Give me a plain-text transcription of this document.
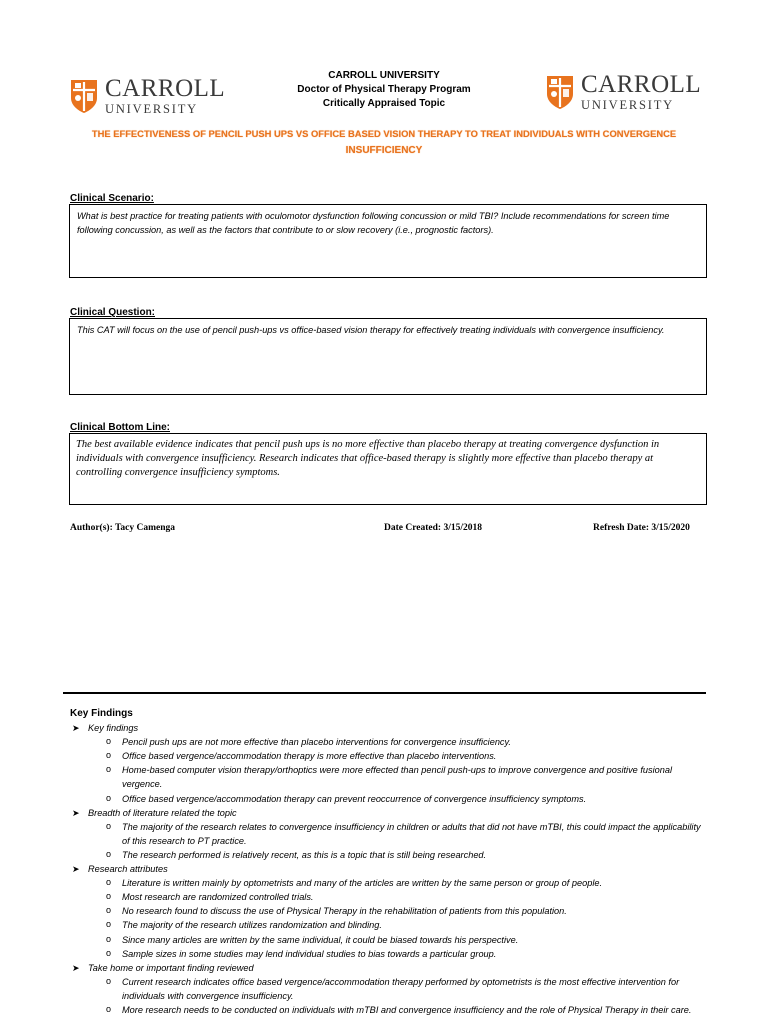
CARROLL
UNIVERSITY
CARROLL UNIVERSITY
Doctor of Physical Therapy Program
Critically Appraised Topic
CARROLL
UNIVERSITY
THE EFFECTIVENESS OF PENCIL PUSH UPS VS OFFICE BASED VISION THERAPY TO TREAT INDIVIDUALS WITH CONVERGENCE
INSUFFICIENCY
Clinical Scenario:
What is best practice for treating patients with oculomotor dysfunction following concussion or mild TBI? Include recommendations for screen time following concussion, as well as the factors that contribute to or slow recovery (i.e., prognostic factors).
Clinical Question:
This CAT will focus on the use of pencil push-ups vs office-based vision therapy for effectively treating individuals with convergence insufficiency.
Clinical Bottom Line:
The best available evidence indicates that pencil push ups is no more effective than placebo therapy at treating convergence dysfunction in individuals with convergence insufficiency. Research indicates that office-based therapy is slightly more effective than placebo therapy at controlling convergence insufficiency symptoms.
Author(s): Tacy Camenga	Date Created: 3/15/2018	Refresh Date: 3/15/2020
Key Findings
➤ Key findings
o Pencil push ups are not more effective than placebo interventions for convergence insufficiency.
o Office based vergence/accommodation therapy is more effective than placebo interventions.
o Home-based computer vision therapy/orthoptics were more effected than pencil push-ups to improve convergence and positive fusional vergence.
o Office based vergence/accommodation therapy can prevent reoccurrence of convergence insufficiency symptoms.
➤ Breadth of literature related the topic
o The majority of the research relates to convergence insufficiency in children or adults that did not have mTBI, this could impact the applicability of this research to PT practice.
o The research performed is relatively recent, as this is a topic that is still being researched.
➤ Research attributes
o Literature is written mainly by optometrists and many of the articles are written by the same person or group of people.
o Most research are randomized controlled trials.
o No research found to discuss the use of Physical Therapy in the rehabilitation of patients from this population.
o The majority of the research utilizes randomization and blinding.
o Since many articles are written by the same individual, it could be biased towards his perspective.
o Sample sizes in some studies may lend individual studies to bias towards a particular group.
➤ Take home or important finding reviewed
o Current research indicates office based vergence/accommodation therapy performed by optometrists is the most effective intervention for individuals with convergence insufficiency.
o More research needs to be conducted on individuals with mTBI and convergence insufficiency and the role of Physical Therapy in their care.
